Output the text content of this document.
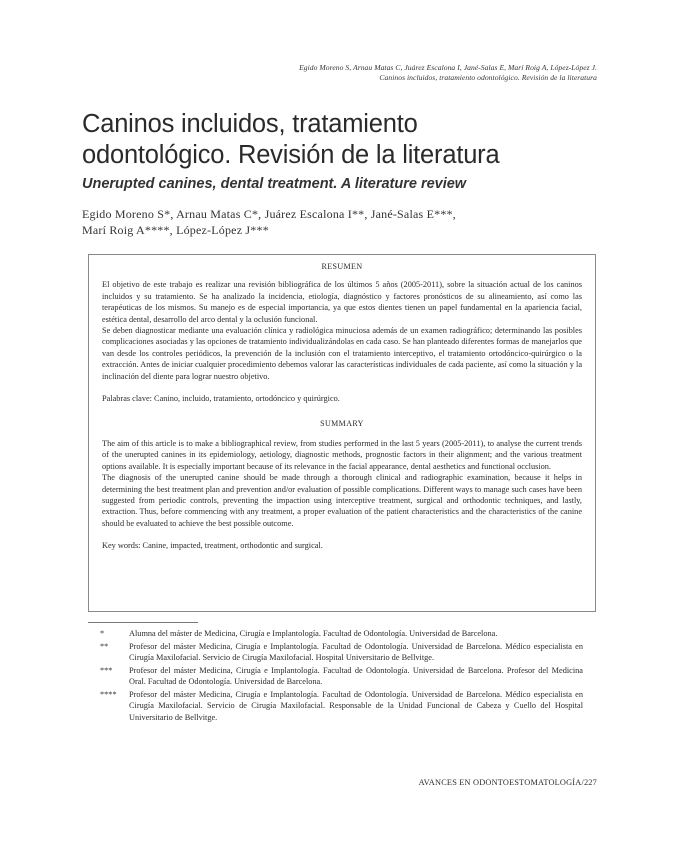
Egido Moreno S, Arnau Matas C, Juárez Escalona I, Jané-Salas E, Marí Roig A, López-López J.
Caninos incluidos, tratamiento odontológico. Revisión de la literatura
Caninos incluidos, tratamiento
odontológico. Revisión de la literatura
Unerupted canines, dental treatment. A literature review
Egido Moreno S*, Arnau Matas C*, Juárez Escalona I**, Jané-Salas E***,
Marí Roig A****, López-López J***

RESUMEN

El objetivo de este trabajo es realizar una revisión bibliográfica de los últimos 5 años (2005-2011), sobre la situación actual de los caninos incluidos y su tratamiento. Se ha analizado la incidencia, etiología, diagnóstico y factores pronósticos de su alineamiento, así como las terapéuticas de los mismos. Su manejo es de especial importancia, ya que estos dientes tienen un papel fundamental en la apariencia facial, estética dental, desarrollo del arco dental y la oclusión funcional.

Se deben diagnosticar mediante una evaluación clínica y radiológica minuciosa además de un examen radiográfico; determinando las posibles complicaciones asociadas y las opciones de tratamiento individualizándolas en cada caso. Se han planteado diferentes formas de manejarlos que van desde los controles periódicos, la prevención de la inclusión con el tratamiento interceptivo, el tratamiento ortodóncico-quirúrgico o la extracción. Antes de iniciar cualquier procedimiento debemos valorar las características individuales de cada paciente, así como la situación y la inclinación del diente para lograr nuestro objetivo.

Palabras clave: Canino, incluido, tratamiento, ortodóncico y quirúrgico.

SUMMARY

The aim of this article is to make a bibliographical review, from studies performed in the last 5 years (2005-2011), to analyse the current trends of the unerupted canines in its epidemiology, aetiology, diagnostic methods, prognostic factors in their alignment; and the various treatment options available. It is especially important because of its relevance in the facial appearance, dental aesthetics and functional occlusion.

The diagnosis of the unerupted canine should be made through a thorough clinical and radiographic examination, because it helps in determining the best treatment plan and prevention and/or evaluation of possible complications. Different ways to manage such cases have been suggested from periodic controls, preventing the impaction using interceptive treatment, surgical and orthodontic techniques, and lastly, extraction. Thus, before commencing with any treatment, a proper evaluation of the patient characteristics and the characteristics of the canine should be evaluated to achieve the best possible outcome.

Key words: Canine, impacted, treatment, orthodontic and surgical.

*	Alumna del máster de Medicina, Cirugía e Implantología. Facultad de Odontología. Universidad de Barcelona.
**	Profesor del máster Medicina, Cirugía e Implantología. Facultad de Odontología. Universidad de Barcelona. Médico especialista en Cirugía Maxilofacial. Servicio de Cirugía Maxilofacial. Hospital Universitario de Bellvitge.
***	Profesor del máster Medicina, Cirugía e Implantología. Facultad de Odontología. Universidad de Barcelona. Profesor del Medicina Oral. Facultad de Odontología. Universidad de Barcelona.
****	Profesor del máster Medicina, Cirugía e Implantología. Facultad de Odontología. Universidad de Barcelona. Médico especialista en Cirugía Maxilofacial. Servicio de Cirugía Maxilofacial. Responsable de la Unidad Funcional de Cabeza y Cuello del Hospital Universitario de Bellvitge.
AVANCES EN ODONTOESTOMATOLOGÍA/227
